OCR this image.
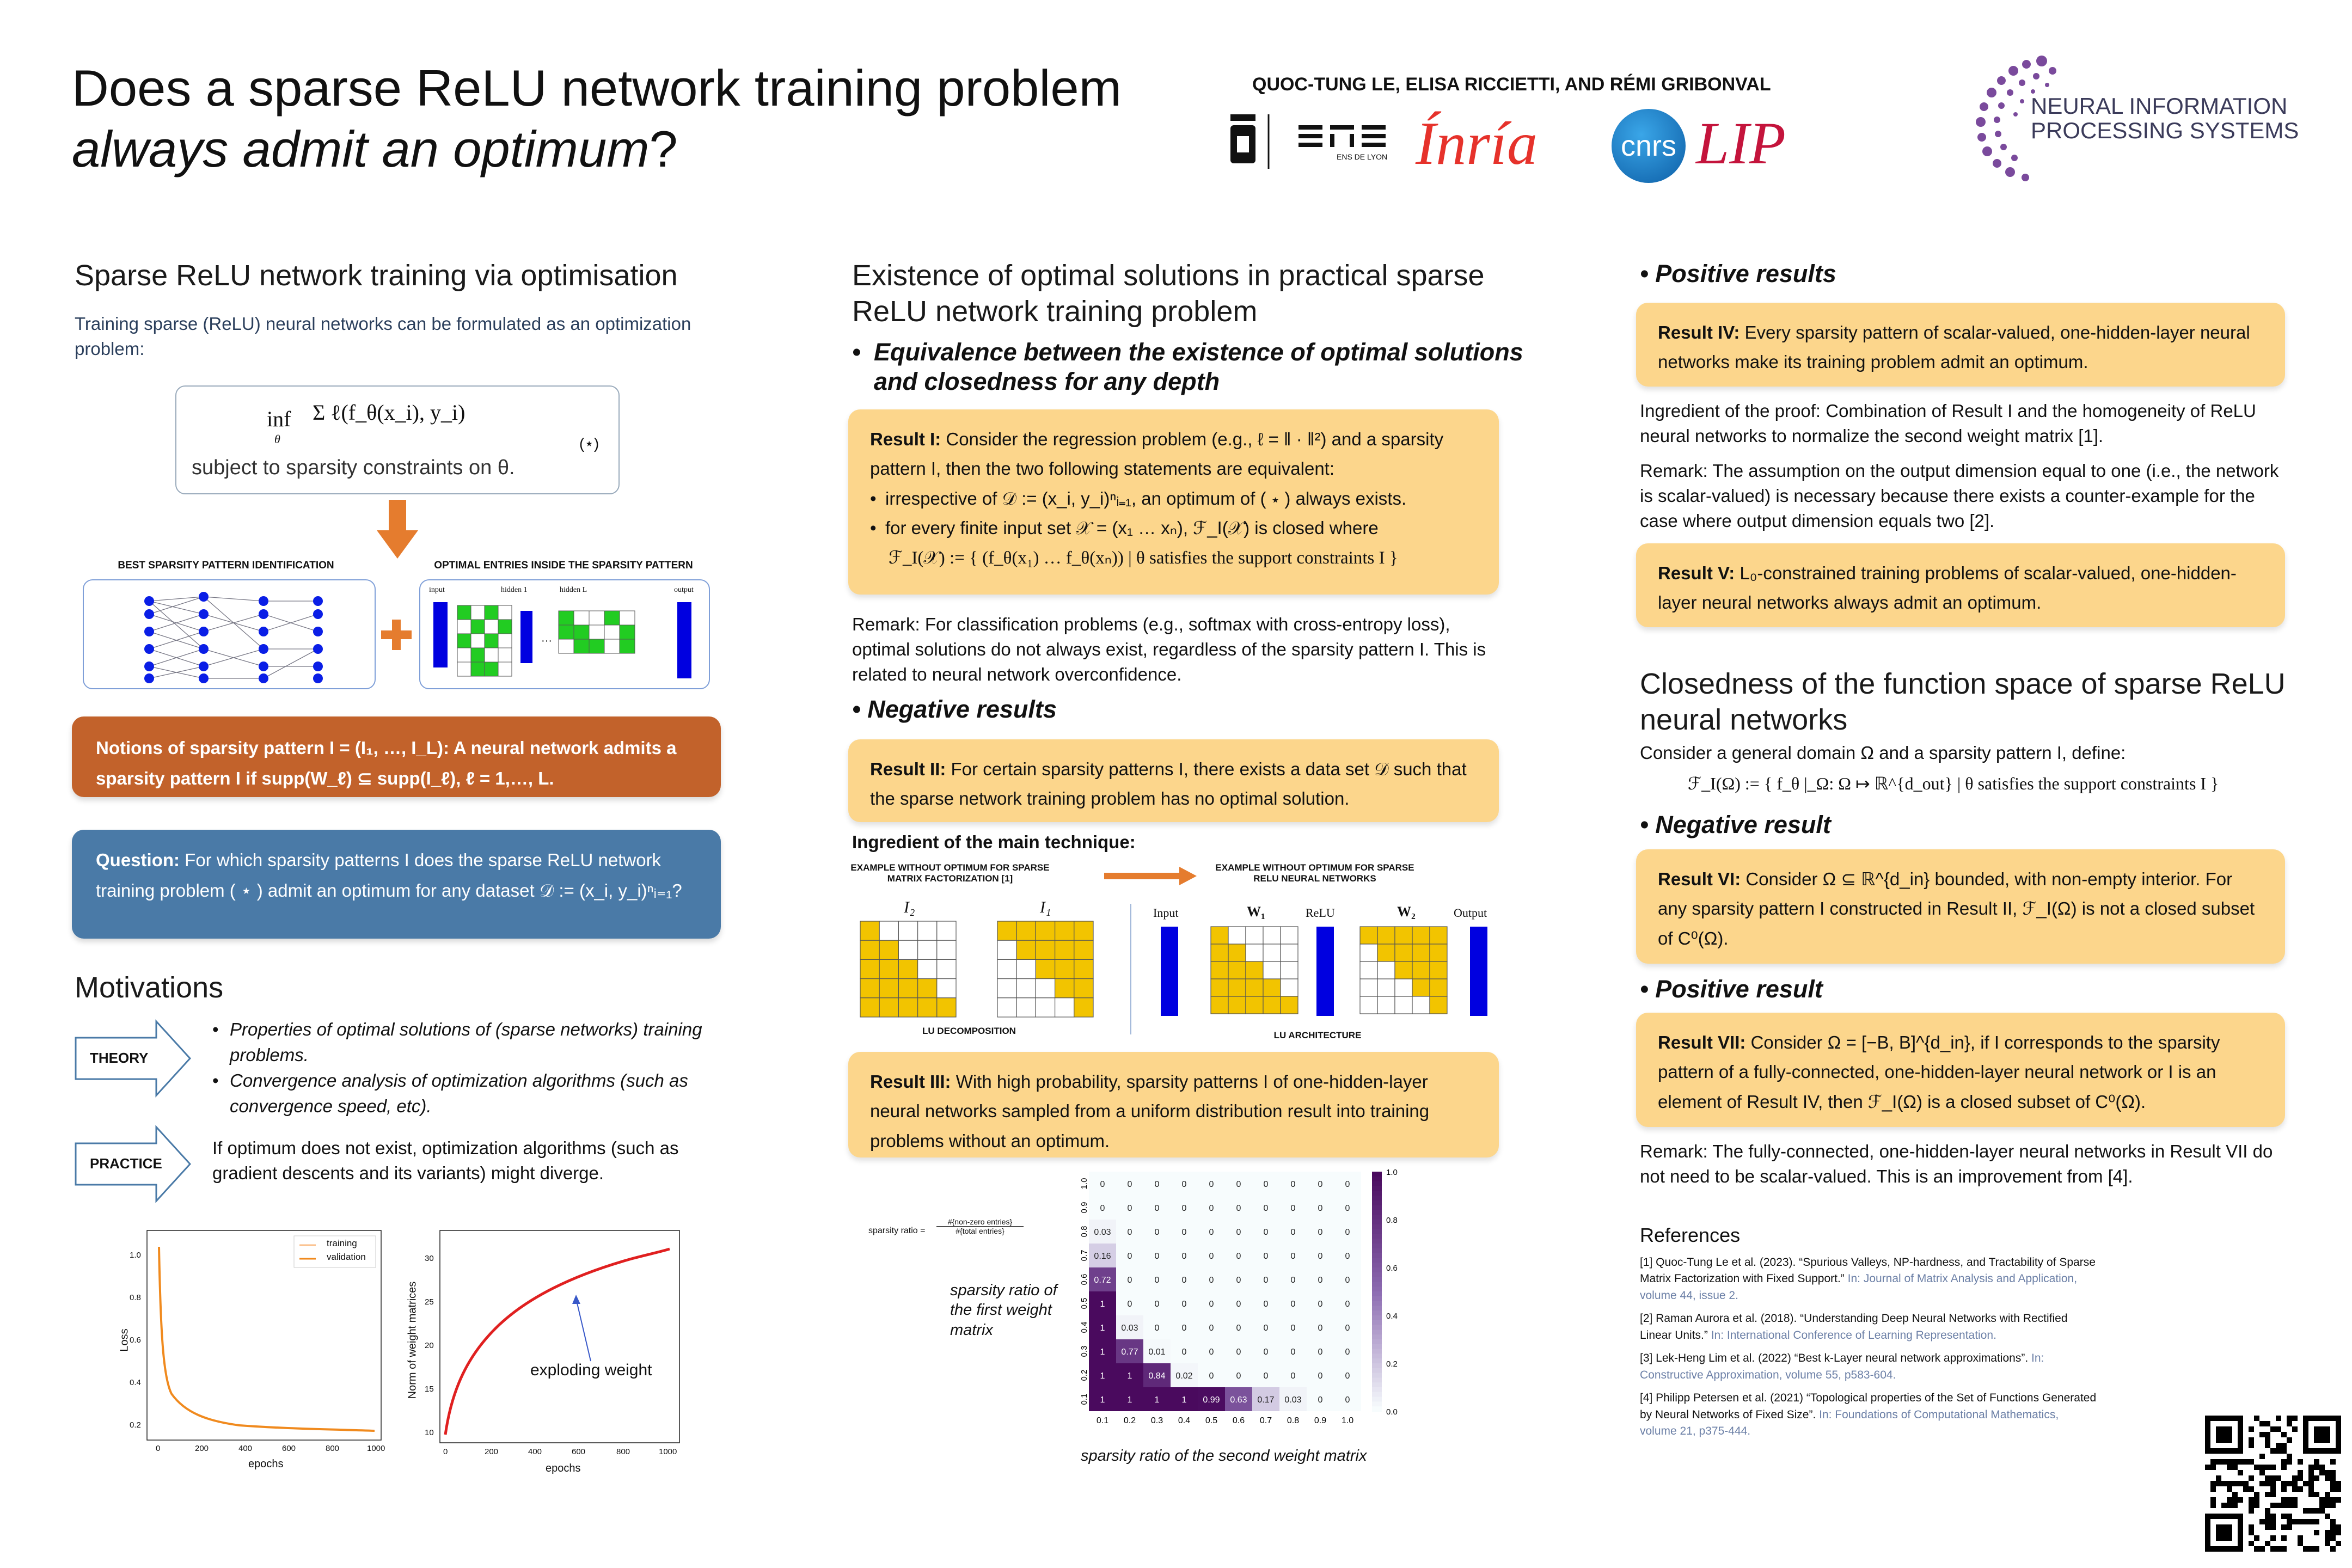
Does a sparse ReLU network training problem
always admit an optimum?
QUOC-TUNG LE, ELISA RICCIETTI, AND RÉMI GRIBONVAL
ENS DE LYON Ínría	cnrs LIP
NEURAL INFORMATION
PROCESSING SYSTEMS
Sparse ReLU network training via optimisation
Training sparse (ReLU) neural networks can be formulated as an optimization problem:
inf
θ
Σ ℓ(f_θ(x_i), y_i)
subject to sparsity constraints on θ.
(⋆)
BEST SPARSITY PATTERN IDENTIFICATION	OPTIMAL ENTRIES INSIDE THE SPARSITY PATTERN
input	hidden 1	hidden L	output
···
Notions of sparsity pattern I = (I₁, …, I_L): A neural network admits a sparsity pattern I if supp(W_ℓ) ⊆ supp(I_ℓ), ℓ = 1,…, L.
Question: For which sparsity patterns I does the sparse ReLU network training problem ( ⋆ ) admit an optimum for any dataset 𝒟 := (x_i, y_i)ⁿᵢ₌₁?
Motivations
THEORY
• Properties of optimal solutions of (sparse networks) training problems.
• Convergence analysis of optimization algorithms (such as convergence speed, etc).
PRACTICE
If optimum does not exist, optimization algorithms (such as gradient descents and its variants) might diverge.
training
validation
Loss
epochs
0.2
0.4
0.6
0.8
1.0
0	200	400	600	800	1000
exploding weight
Norm of weight matrices
epochs
10
15
20
25
30
0	200	400	600	800	1000
Existence of optimal solutions in practical sparse ReLU network training problem
• Equivalence between the existence of optimal solutions and closedness for any depth
Result I: Consider the regression problem (e.g., ℓ = ‖ · ‖²) and a sparsity pattern I, then the two following statements are equivalent:
• irrespective of 𝒟 := (x_i, y_i)ⁿᵢ₌₁, an optimum of ( ⋆ ) always exists.
• for every finite input set 𝒳 = (x₁ … xₙ), ℱ_I(𝒳) is closed where
ℱ_I(𝒳) := { (f_θ(x₁) … f_θ(xₙ)) | θ satisfies the support constraints I }
Remark: For classification problems (e.g., softmax with cross-entropy loss), optimal solutions do not always exist, regardless of the sparsity pattern I. This is related to neural network overconfidence.
• Negative results
Result II: For certain sparsity patterns I, there exists a data set 𝒟 such that the sparse network training problem has no optimal solution.
Ingredient of the main technique:
EXAMPLE WITHOUT OPTIMUM FOR SPARSE MATRIX FACTORIZATION [1]
EXAMPLE WITHOUT OPTIMUM FOR SPARSE RELU NEURAL NETWORKS
I₂	I₁
LU DECOMPOSITION
Input	W₁	ReLU	W₂	Output
LU ARCHITECTURE
Result III: With high probability, sparsity patterns I of one-hidden-layer neural networks sampled from a uniform distribution result into training problems without an optimum.
sparsity ratio =
#{non-zero entries}
#{total entries}
sparsity ratio of the first weight matrix
0	0	0	0	0	0	0	0	0	0
1.0
0	0	0	0	0	0	0	0	0	0
0.9
0.03 0	0	0	0	0	0	0	0	0
0.8
0.16 0	0	0	0	0	0	0	0	0
0.7
0.72 0	0	0	0	0	0	0	0	0
0.6
1	0	0	0	0	0	0	0	0	0
0.5
1 0.03 0	0	0	0	0	0	0	0
0.4
1 0.77 0.01 0	0	0	0	0	0	0
0.3
1	1 0.84 0.02 0	0	0	0	0	0
0.2
1	1	1	1 0.99 0.63 0.17 0.03 0	0
0.1
0.1 0.2 0.3 0.4 0.5 0.6 0.7 0.8 0.9 1.0
1.0
0.8
0.6
0.4
0.2
0.0
sparsity ratio of the second weight matrix
• Positive results
Result IV: Every sparsity pattern of scalar-valued, one-hidden-layer neural networks make its training problem admit an optimum.
Ingredient of the proof: Combination of Result I and the homogeneity of ReLU neural networks to normalize the second weight matrix [1].
Remark: The assumption on the output dimension equal to one (i.e., the network is scalar-valued) is necessary because there exists a counter-example for the case where output dimension equals two [2].
Result V: L₀-constrained training problems of scalar-valued, one-hidden-layer neural networks always admit an optimum.
Closedness of the function space of sparse ReLU neural networks
Consider a general domain Ω and a sparsity pattern I, define:
ℱ_I(Ω) := { f_θ |_Ω: Ω ↦ ℝ^{d_out} | θ satisfies the support constraints I }
• Negative result
Result VI: Consider Ω ⊆ ℝ^{d_in} bounded, with non-empty interior. For any sparsity pattern I constructed in Result II, ℱ_I(Ω) is not a closed subset of C⁰(Ω).
• Positive result
Result VII: Consider Ω = [−B, B]^{d_in}, if I corresponds to the sparsity pattern of a fully-connected, one-hidden-layer neural network or I is an element of Result IV, then ℱ_I(Ω) is a closed subset of C⁰(Ω).
Remark: The fully-connected, one-hidden-layer neural networks in Result VII do not need to be scalar-valued. This is an improvement from [4].
References
[1] Quoc-Tung Le et al. (2023). “Spurious Valleys, NP-hardness, and Tractability of Sparse Matrix Factorization with Fixed Support.” In: Journal of Matrix Analysis and Application, volume 44, issue 2.
[2] Raman Aurora et al. (2018). “Understanding Deep Neural Networks with Rectified Linear Units.” In: International Conference of Learning Representation.
[3] Lek-Heng Lim et al. (2022) “Best k-Layer neural network approximations”. In: Constructive Approximation, volume 55, p583-604.
[4] Philipp Petersen et al. (2021) “Topological properties of the Set of Functions Generated by Neural Networks of Fixed Size”. In: Foundations of Computational Mathematics, volume 21, p375-444.
